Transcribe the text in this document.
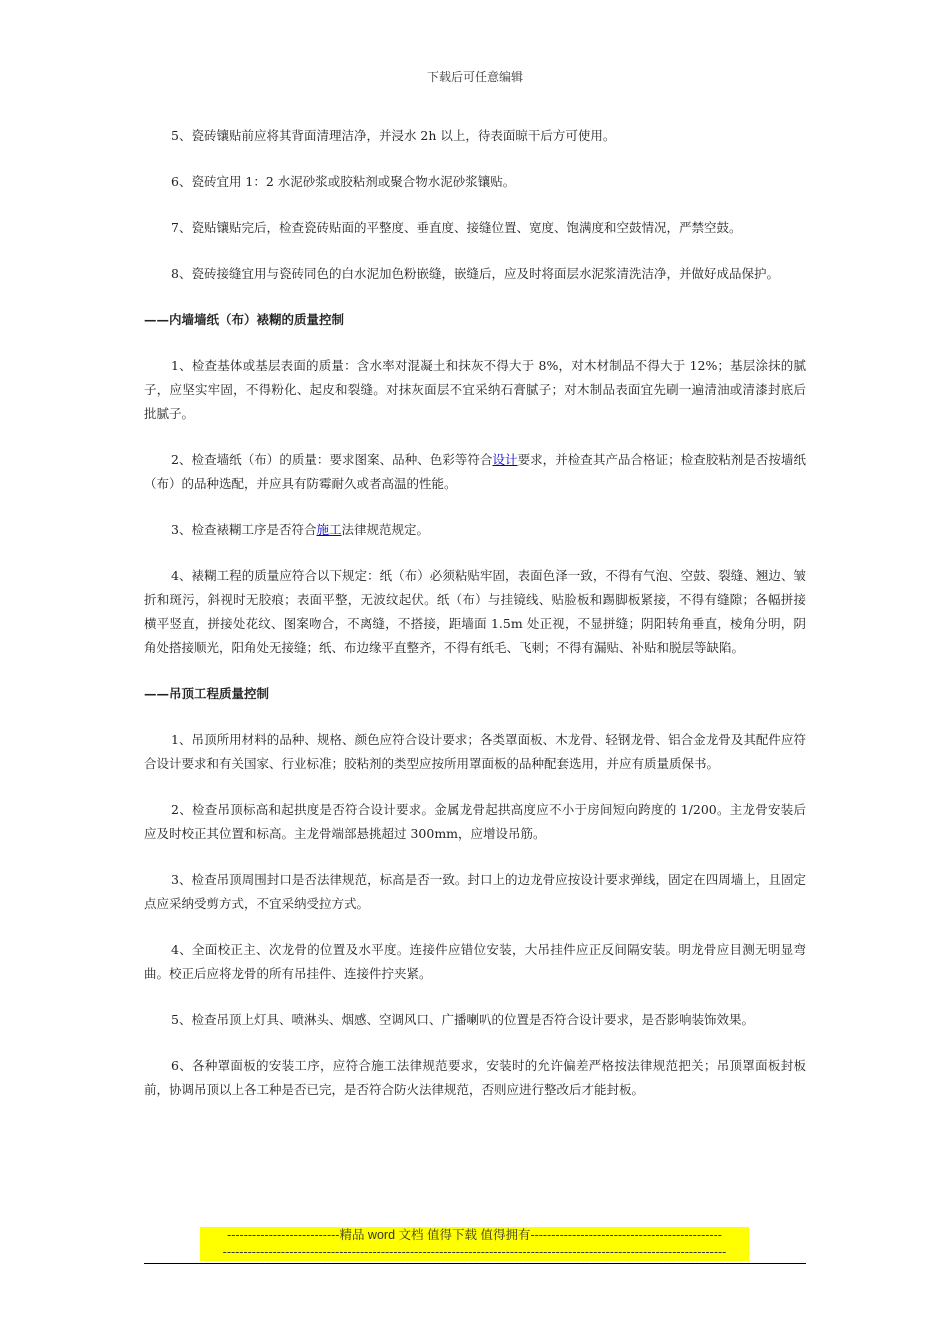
下载后可任意编辑

5、瓷砖镶贴前应将其背面清理洁净，并浸水 2h 以上，待表面晾干后方可使用。

6、瓷砖宜用 1：2 水泥砂浆或胶粘剂或聚合物水泥砂浆镶贴。

7、瓷贴镶贴完后，检查瓷砖贴面的平整度、垂直度、接缝位置、宽度、饱满度和空鼓情况，严禁空鼓。

8、瓷砖接缝宜用与瓷砖同色的白水泥加色粉嵌缝，嵌缝后，应及时将面层水泥浆清洗洁净，并做好成品保护。

——内墙墙纸（布）裱糊的质量控制

1、检查基体或基层表面的质量：含水率对混凝土和抹灰不得大于 8%，对木材制品不得大于 12%；基层涂抹的腻子，应坚实牢固，不得粉化、起皮和裂缝。对抹灰面层不宜采纳石膏腻子；对木制品表面宜先刷一遍清油或清漆封底后批腻子。

2、检查墙纸（布）的质量：要求图案、品种、色彩等符合设计要求，并检查其产品合格证；检查胶粘剂是否按墙纸（布）的品种选配，并应具有防霉耐久或者高温的性能。

3、检查裱糊工序是否符合施工法律规范规定。

4、裱糊工程的质量应符合以下规定：纸（布）必须粘贴牢固，表面色泽一致，不得有气泡、空鼓、裂缝、翘边、皱折和斑污，斜视时无胶痕；表面平整，无波纹起伏。纸（布）与挂镜线、贴脸板和踢脚板紧接，不得有缝隙；各幅拼接横平竖直，拼接处花纹、图案吻合，不离缝，不搭接，距墙面 1.5m 处正视，不显拼缝；阴阳转角垂直，棱角分明，阴角处搭接顺光，阳角处无接缝；纸、布边缘平直整齐，不得有纸毛、飞刺；不得有漏贴、补贴和脱层等缺陷。

——吊顶工程质量控制

1、吊顶所用材料的品种、规格、颜色应符合设计要求；各类罩面板、木龙骨、轻钢龙骨、铝合金龙骨及其配件应符合设计要求和有关国家、行业标准；胶粘剂的类型应按所用罩面板的品种配套选用，并应有质量质保书。

2、检查吊顶标高和起拱度是否符合设计要求。金属龙骨起拱高度应不小于房间短向跨度的 1/200。主龙骨安装后应及时校正其位置和标高。主龙骨端部悬挑超过 300mm，应增设吊筋。

3、检查吊顶周围封口是否法律规范，标高是否一致。封口上的边龙骨应按设计要求弹线，固定在四周墙上，且固定点应采纳受剪方式，不宜采纳受拉方式。

4、全面校正主、次龙骨的位置及水平度。连接件应错位安装，大吊挂件应正反间隔安装。明龙骨应目测无明显弯曲。校正后应将龙骨的所有吊挂件、连接件拧夹紧。

5、检查吊顶上灯具、喷淋头、烟感、空调风口、广播喇叭的位置是否符合设计要求，是否影响装饰效果。

6、各种罩面板的安装工序，应符合施工法律规范要求，安装时的允许偏差严格按法律规范把关；吊顶罩面板封板前，协调吊顶以上各工种是否已完，是否符合防火法律规范，否则应进行整改后才能封板。

---------------------------精品 word 文档 值得下载 值得拥有----------------------------------------------
-------------------------------------------------------------------------------------------------------------------------
